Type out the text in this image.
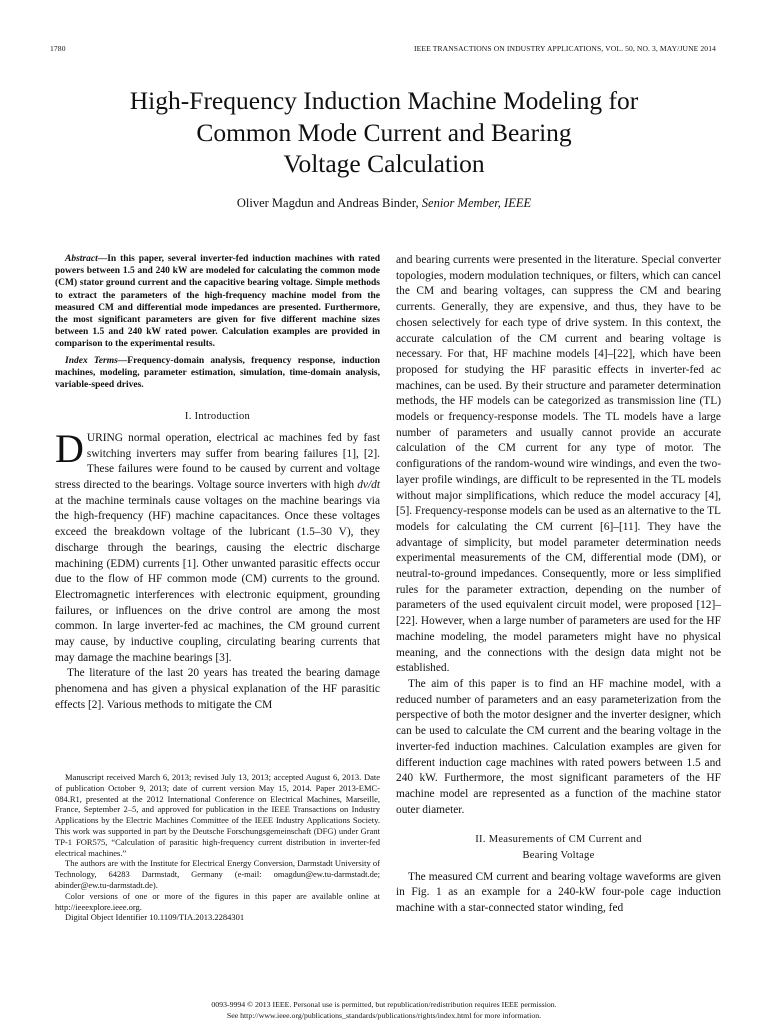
1780	IEEE TRANSACTIONS ON INDUSTRY APPLICATIONS, VOL. 50, NO. 3, MAY/JUNE 2014
High-Frequency Induction Machine Modeling for
Common Mode Current and Bearing
Voltage Calculation
Oliver Magdun and Andreas Binder, Senior Member, IEEE
Abstract—In this paper, several inverter-fed induction machines with rated powers between 1.5 and 240 kW are modeled for calculating the common mode (CM) stator ground current and the capacitive bearing voltage. Simple methods to extract the parameters of the high-frequency machine model from the measured CM and differential mode impedances are presented. Furthermore, the most significant parameters are given for five different machine sizes between 1.5 and 240 kW rated power. Calculation examples are provided in comparison to the experimental results.
Index Terms—Frequency-domain analysis, frequency response, induction machines, modeling, parameter estimation, simulation, time-domain analysis, variable-speed drives.
I. Introduction

DURING normal operation, electrical ac machines fed by fast switching inverters may suffer from bearing failures [1], [2]. These failures were found to be caused by current and voltage stress directed to the bearings. Voltage source inverters with high dv/dt at the machine terminals cause voltages on the machine bearings via the high-frequency (HF) machine capacitances. Once these voltages exceed the breakdown voltage of the lubricant (1.5–30 V), they discharge through the bearings, causing the electric discharge machining (EDM) currents [1]. Other unwanted parasitic effects occur due to the flow of HF common mode (CM) currents to the ground. Electromagnetic interferences with electronic equipment, grounding failures, or influences on the drive control are among the most common. In large inverter-fed ac machines, the CM ground current may cause, by inductive coupling, circulating bearing currents that may damage the machine bearings [3].

The literature of the last 20 years has treated the bearing damage phenomena and has given a physical explanation of the HF parasitic effects [2]. Various methods to mitigate the CM

Manuscript received March 6, 2013; revised July 13, 2013; accepted August 6, 2013. Date of publication October 9, 2013; date of current version May 15, 2014. Paper 2013-EMC-084.R1, presented at the 2012 International Conference on Electrical Machines, Marseille, France, September 2–5, and approved for publication in the IEEE Transactions on Industry Applications by the Electric Machines Committee of the IEEE Industry Applications Society. This work was supported in part by the Deutsche Forschungsgemeinschaft (DFG) under Grant TP-1 FOR575, “Calculation of parasitic high-frequency current distribution in inverter-fed electrical machines.”

The authors are with the Institute for Electrical Energy Conversion, Darmstadt University of Technology, 64283 Darmstadt, Germany (e-mail: omagdun@ew.tu-darmstadt.de; abinder@ew.tu-darmstadt.de).

Color versions of one or more of the figures in this paper are available online at http://ieeexplore.ieee.org.

Digital Object Identifier 10.1109/TIA.2013.2284301

and bearing currents were presented in the literature. Special converter topologies, modern modulation techniques, or filters, which can cancel the CM and bearing voltages, can suppress the CM and bearing currents. Generally, they are expensive, and thus, they have to be chosen selectively for each type of drive system. In this context, the accurate calculation of the CM current and bearing voltage is necessary. For that, HF machine models [4]–[22], which have been proposed for studying the HF parasitic effects in inverter-fed ac machines, can be used. By their structure and parameter determination methods, the HF models can be categorized as transmission line (TL) models or frequency-response models. The TL models have a large number of parameters and usually cannot provide an accurate calculation of the CM current for any type of motor. The configurations of the random-wound wire windings, and even the two-layer profile windings, are difficult to be represented in the TL models without major simplifications, which reduce the model accuracy [4], [5]. Frequency-response models can be used as an alternative to the TL models for calculating the CM current [6]–[11]. They have the advantage of simplicity, but model parameter determination needs experimental measurements of the CM, differential mode (DM), or neutral-to-ground impedances. Consequently, more or less simplified rules for the parameter extraction, depending on the number of parameters of the used equivalent circuit model, were proposed [12]–[22]. However, when a large number of parameters are used for the HF machine modeling, the model parameters might have no physical meaning, and the connections with the design data might not be established.

The aim of this paper is to find an HF machine model, with a reduced number of parameters and an easy parameterization from the perspective of both the motor designer and the inverter designer, which can be used to calculate the CM current and the bearing voltage in the inverter-fed induction machines. Calculation examples are given for different induction cage machines with rated powers between 1.5 and 240 kW. Furthermore, the most significant parameters of the HF machine model are represented as a function of the machine stator outer diameter.

II. Measurements of CM Current and
Bearing Voltage

The measured CM current and bearing voltage waveforms are given in Fig. 1 as an example for a 240-kW four-pole cage induction machine with a star-connected stator winding, fed

0093-9994 © 2013 IEEE. Personal use is permitted, but republication/redistribution requires IEEE permission.
See http://www.ieee.org/publications_standards/publications/rights/index.html for more information.
